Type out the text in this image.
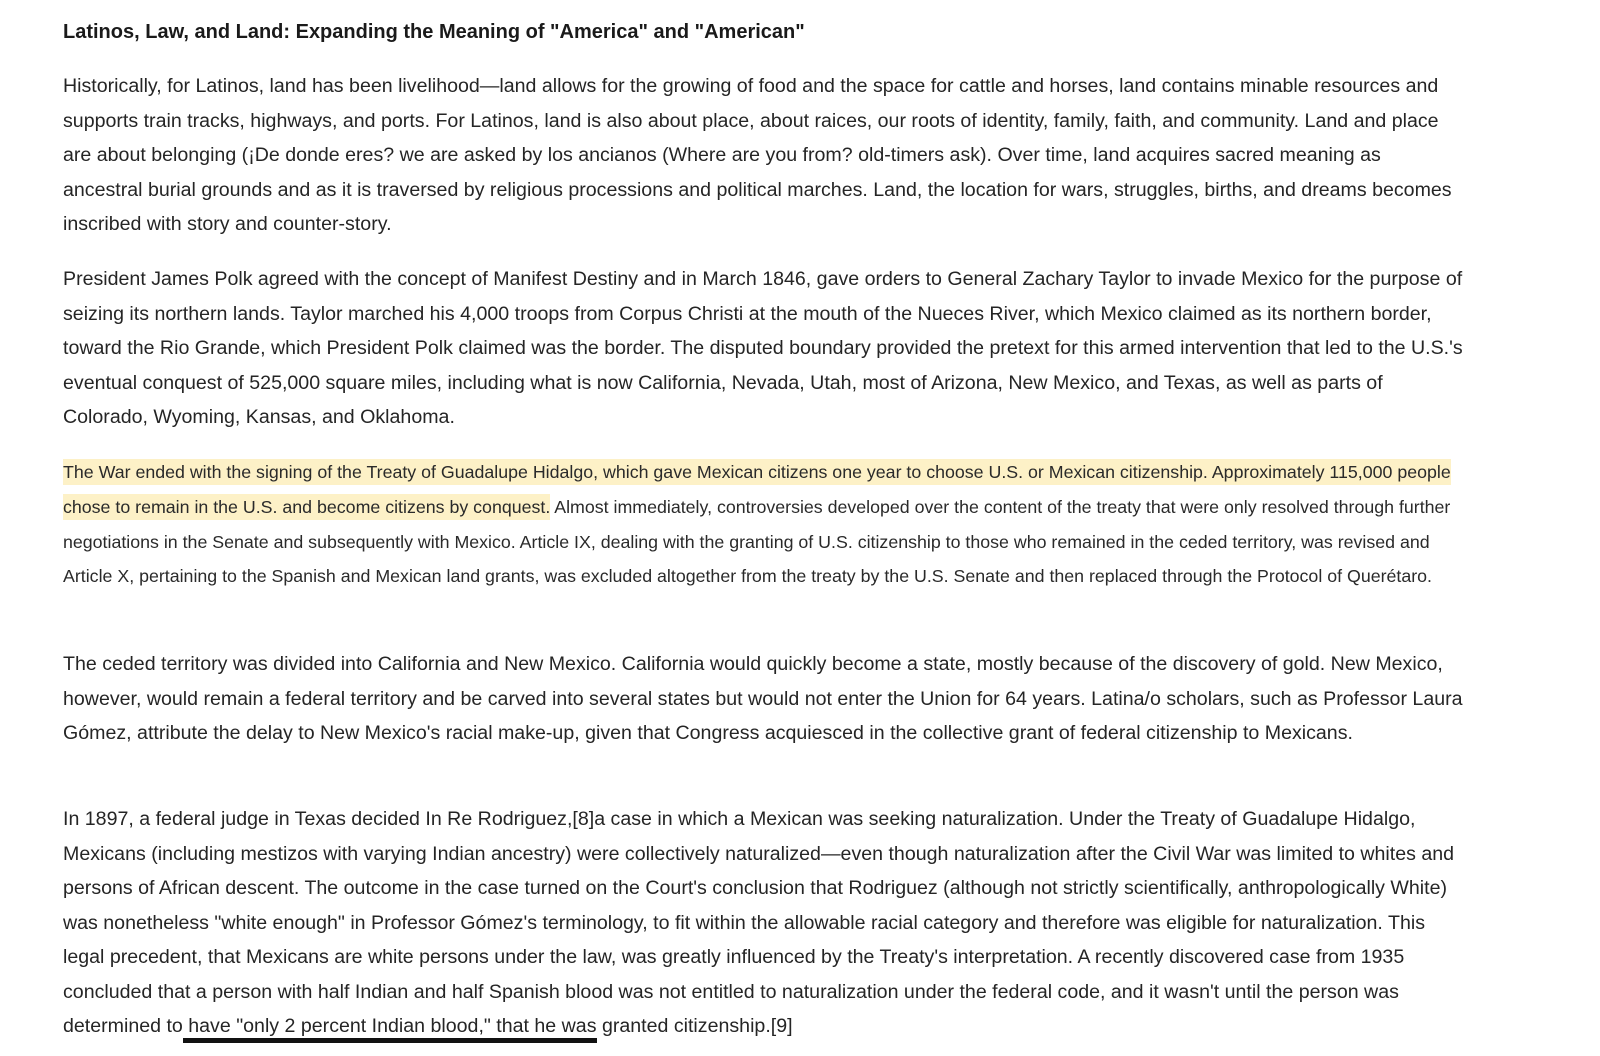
Latinos, Law, and Land: Expanding the Meaning of "America" and "American"

Historically, for Latinos, land has been livelihood—land allows for the growing of food and the space for cattle and horses, land contains minable resources and supports train tracks, highways, and ports. For Latinos, land is also about place, about raices, our roots of identity, family, faith, and community. Land and place are about belonging (¡De donde eres? we are asked by los ancianos (Where are you from? old-timers ask). Over time, land acquires sacred meaning as ancestral burial grounds and as it is traversed by religious processions and political marches. Land, the location for wars, struggles, births, and dreams becomes inscribed with story and counter-story.

President James Polk agreed with the concept of Manifest Destiny and in March 1846, gave orders to General Zachary Taylor to invade Mexico for the purpose of seizing its northern lands. Taylor marched his 4,000 troops from Corpus Christi at the mouth of the Nueces River, which Mexico claimed as its northern border, toward the Rio Grande, which President Polk claimed was the border. The disputed boundary provided the pretext for this armed intervention that led to the U.S.'s eventual conquest of 525,000 square miles, including what is now California, Nevada, Utah, most of Arizona, New Mexico, and Texas, as well as parts of Colorado, Wyoming, Kansas, and Oklahoma.

The War ended with the signing of the Treaty of Guadalupe Hidalgo, which gave Mexican citizens one year to choose U.S. or Mexican citizenship. Approximately 115,000 people chose to remain in the U.S. and become citizens by conquest. Almost immediately, controversies developed over the content of the treaty that were only resolved through further negotiations in the Senate and subsequently with Mexico. Article IX, dealing with the granting of U.S. citizenship to those who remained in the ceded territory, was revised and Article X, pertaining to the Spanish and Mexican land grants, was excluded altogether from the treaty by the U.S. Senate and then replaced through the Protocol of Querétaro.

The ceded territory was divided into California and New Mexico. California would quickly become a state, mostly because of the discovery of gold. New Mexico, however, would remain a federal territory and be carved into several states but would not enter the Union for 64 years. Latina/o scholars, such as Professor Laura Gómez, attribute the delay to New Mexico's racial make-up, given that Congress acquiesced in the collective grant of federal citizenship to Mexicans.

In 1897, a federal judge in Texas decided In Re Rodriguez,[8]a case in which a Mexican was seeking naturalization. Under the Treaty of Guadalupe Hidalgo, Mexicans (including mestizos with varying Indian ancestry) were collectively naturalized—even though naturalization after the Civil War was limited to whites and persons of African descent. The outcome in the case turned on the Court's conclusion that Rodriguez (although not strictly scientifically, anthropologically White) was nonetheless "white enough" in Professor Gómez's terminology, to fit within the allowable racial category and therefore was eligible for naturalization. This legal precedent, that Mexicans are white persons under the law, was greatly influenced by the Treaty's interpretation. A recently discovered case from 1935 concluded that a person with half Indian and half Spanish blood was not entitled to naturalization under the federal code, and it wasn't until the person was determined to have "only 2 percent Indian blood," that he was granted citizenship.[9]
